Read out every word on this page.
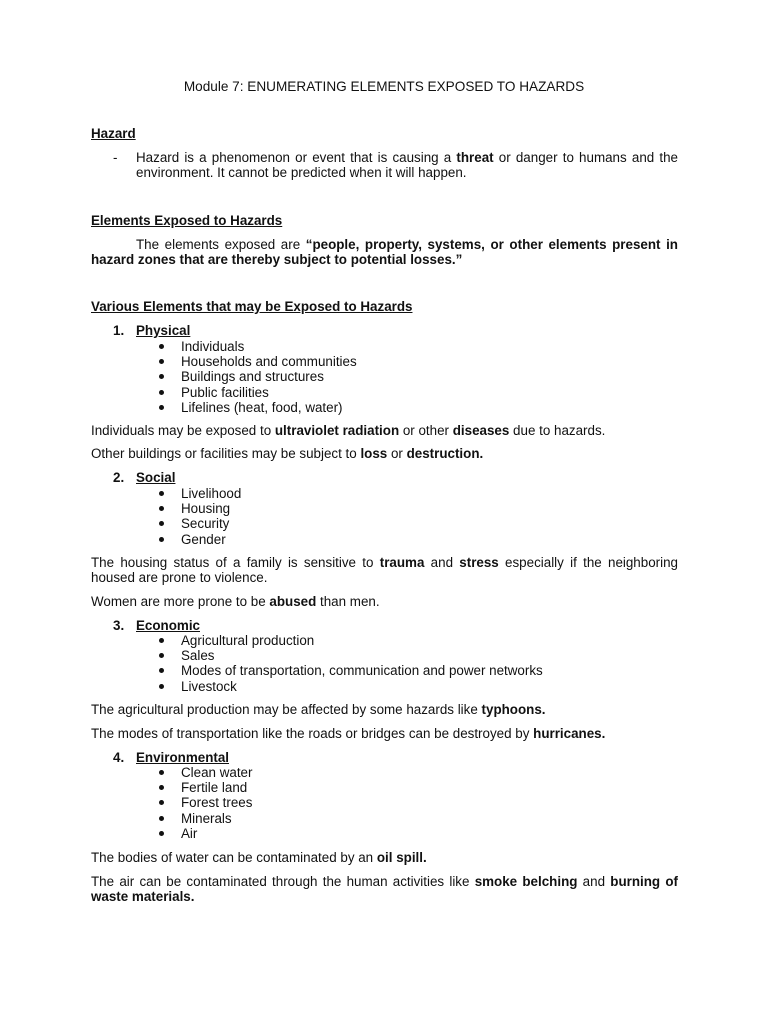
Module 7: ENUMERATING ELEMENTS EXPOSED TO HAZARDS
Hazard
- Hazard is a phenomenon or event that is causing a threat or danger to humans and the environment. It cannot be predicted when it will happen.
Elements Exposed to Hazards
The elements exposed are “people, property, systems, or other elements present in hazard zones that are thereby subject to potential losses.”
Various Elements that may be Exposed to Hazards
1. Physical
Individuals
Households and communities
Buildings and structures
Public facilities
Lifelines (heat, food, water)
Individuals may be exposed to ultraviolet radiation or other diseases due to hazards.
Other buildings or facilities may be subject to loss or destruction.
2. Social
Livelihood
Housing
Security
Gender
The housing status of a family is sensitive to trauma and stress especially if the neighboring housed are prone to violence.
Women are more prone to be abused than men.
3. Economic
Agricultural production
Sales
Modes of transportation, communication and power networks
Livestock
The agricultural production may be affected by some hazards like typhoons.
The modes of transportation like the roads or bridges can be destroyed by hurricanes.
4. Environmental
Clean water
Fertile land
Forest trees
Minerals
Air
The bodies of water can be contaminated by an oil spill.
The air can be contaminated through the human activities like smoke belching and burning of waste materials.
